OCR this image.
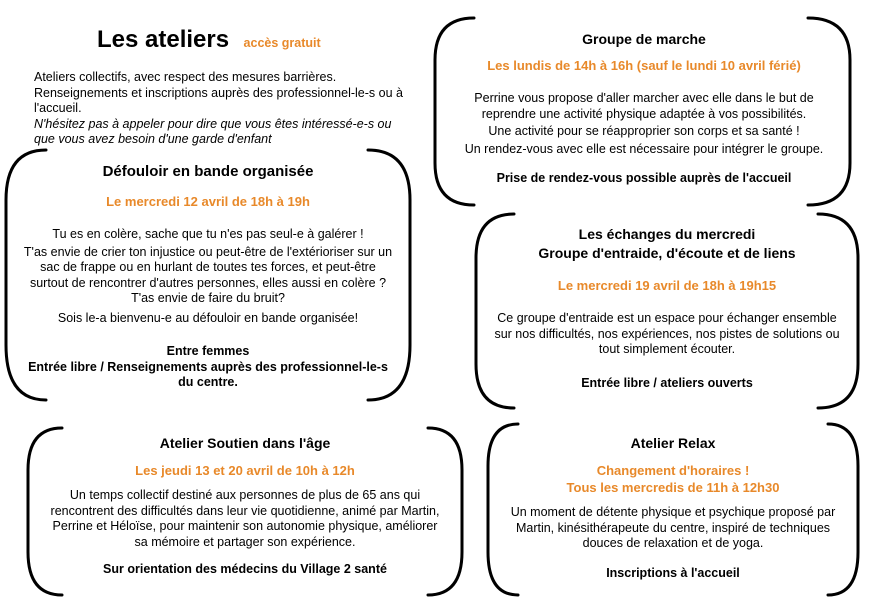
Les ateliers accès gratuit

Ateliers collectifs, avec respect des mesures barrières.

Renseignements et inscriptions auprès des professionnel-le-s ou à l'accueil.

N'hésitez pas à appeler pour dire que vous êtes intéressé-e-s ou que vous avez besoin d'une garde d'enfant

Défouloir en bande organisée

Le mercredi 12 avril de 18h à 19h

Tu es en colère, sache que tu n'es pas seul-e à galérer !

T'as envie de crier ton injustice ou peut-être de l'extérioriser sur un sac de frappe ou en hurlant de toutes tes forces, et peut-être surtout de rencontrer d'autres personnes, elles aussi en colère ? T'as envie de faire du bruit?

Sois le-a bienvenu-e au défouloir en bande organisée!

Entre femmes

Entrée libre / Renseignements auprès des professionnel-le-s du centre.

Groupe de marche

Les lundis de 14h à 16h (sauf le lundi 10 avril férié)

Perrine vous propose d'aller marcher avec elle dans le but de reprendre une activité physique adaptée à vos possibilités.

Une activité pour se réapproprier son corps et sa santé !

Un rendez-vous avec elle est nécessaire pour intégrer le groupe.

Prise de rendez-vous possible auprès de l'accueil

Les échanges du mercredi

Groupe d'entraide, d'écoute et de liens

Le mercredi 19 avril de 18h à 19h15

Ce groupe d'entraide est un espace pour échanger ensemble sur nos difficultés, nos expériences, nos pistes de solutions ou tout simplement écouter.

Entrée libre / ateliers ouverts

Atelier Soutien dans l'âge

Les jeudi 13 et 20 avril de 10h à 12h

Un temps collectif destiné aux personnes de plus de 65 ans qui rencontrent des difficultés dans leur vie quotidienne, animé par Martin, Perrine et Héloïse, pour maintenir son autonomie physique, améliorer sa mémoire et partager son expérience.

Sur orientation des médecins du Village 2 santé

Atelier Relax

Changement d'horaires !

Tous les mercredis de 11h à 12h30

Un moment de détente physique et psychique proposé par Martin, kinésithérapeute du centre, inspiré de techniques douces de relaxation et de yoga.

Inscriptions à l'accueil
